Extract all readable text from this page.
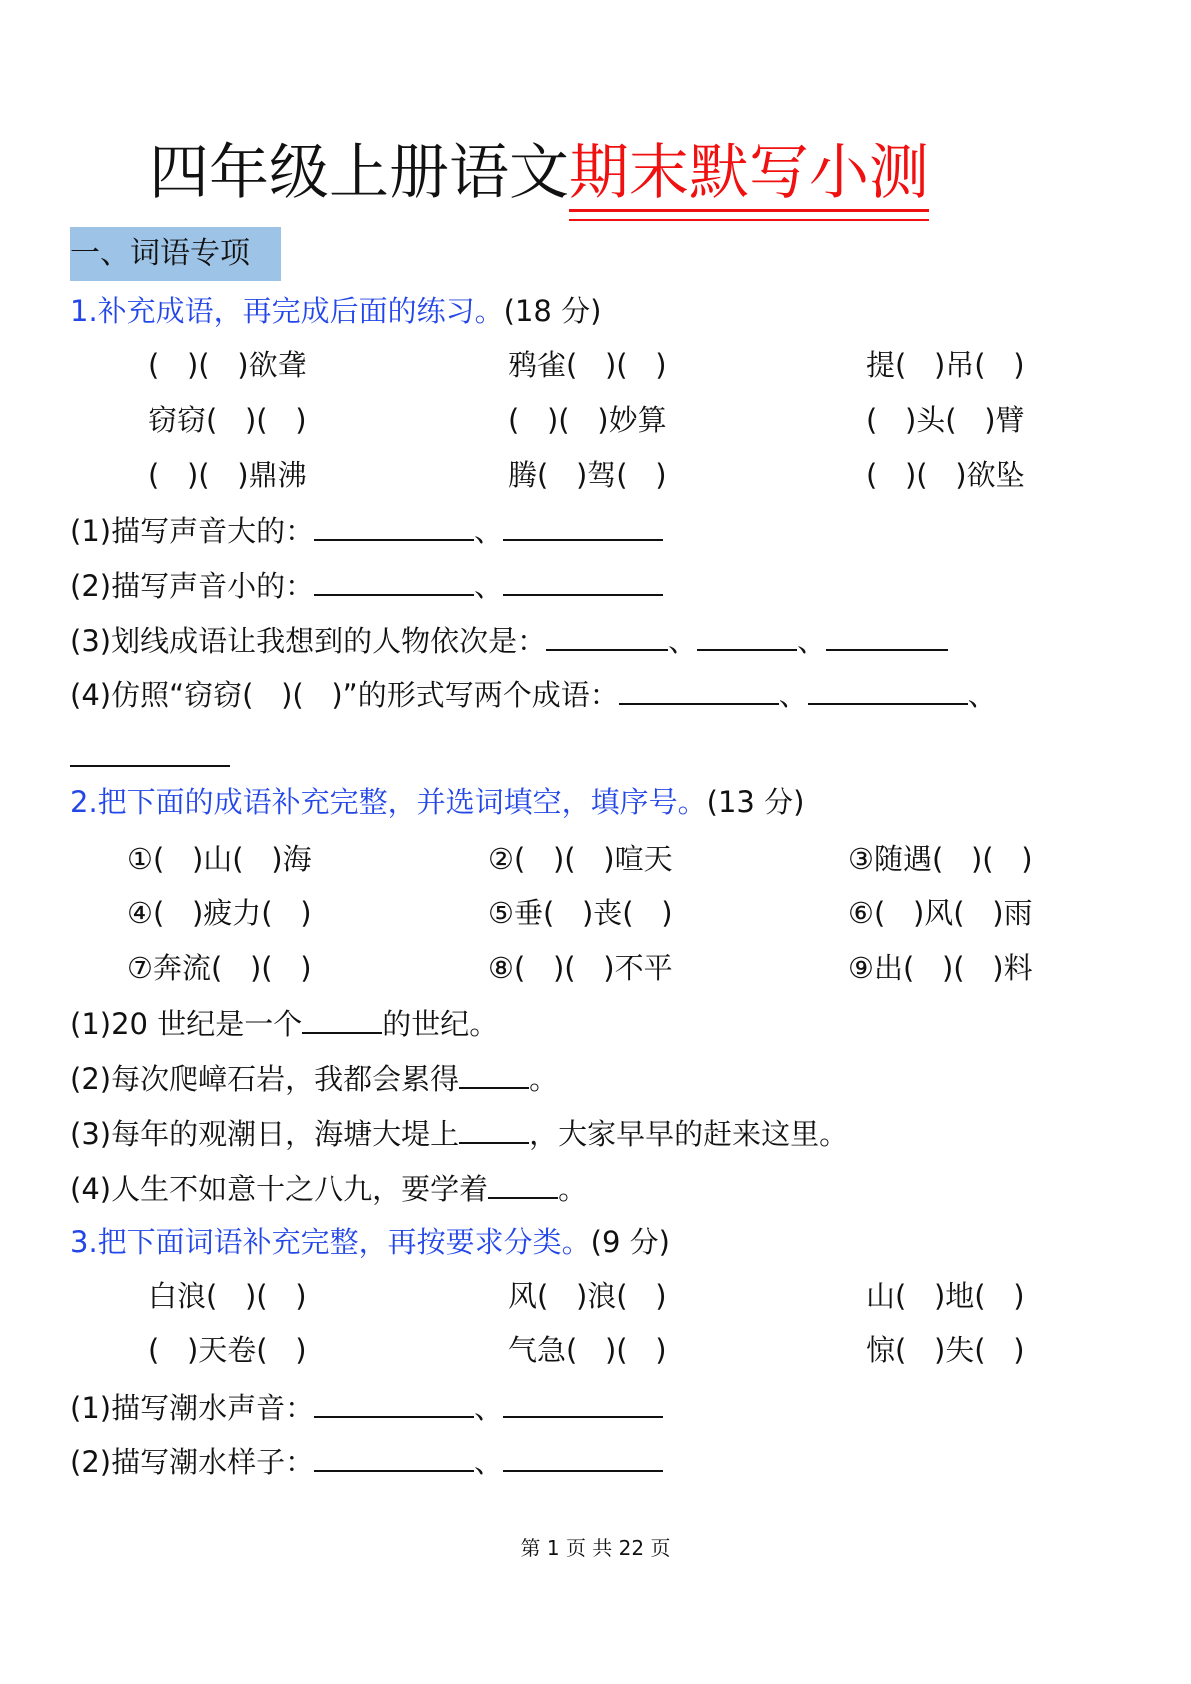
四年级上册语文期末默写小测
一、词语专项
1.补充成语，再完成后面的练习。(18 分)
(   )(   )欲聋	鸦雀(   )(   )	提(   )吊(   )
窃窃(   )(   )	(   )(   )妙算	(   )头(   )臂
(   )(   )鼎沸	腾(   )驾(   )	(   )(   )欲坠
(1)描写声音大的：	、
(2)描写声音小的：	、
(3)划线成语让我想到的人物依次是：	、	、
(4)仿照“窃窃(   )(   )”的形式写两个成语：	、	、
2.把下面的成语补充完整，并选词填空，填序号。(13 分)
①(   )山(   )海	②(   )(   )喧天	③随遇(   )(   )
④(   )疲力(   )	⑤垂(   )丧(   )	⑥(   )风(   )雨
⑦奔流(   )(   )	⑧(   )(   )不平	⑨出(   )(   )料
(1)20 世纪是一个	的世纪。
(2)每次爬嶂石岩，我都会累得 。
(3)每年的观潮日，海塘大堤上 ，大家早早的赶来这里。
(4)人生不如意十之八九，要学着 。
3.把下面词语补充完整，再按要求分类。(9 分)
白浪(   )(   )	风(   )浪(   )	山(   )地(   )
(   )天卷(   )	气急(   )(   )	惊(   )失(   )
(1)描写潮水声音：	、
(2)描写潮水样子：	、
第 1 页 共 22 页
